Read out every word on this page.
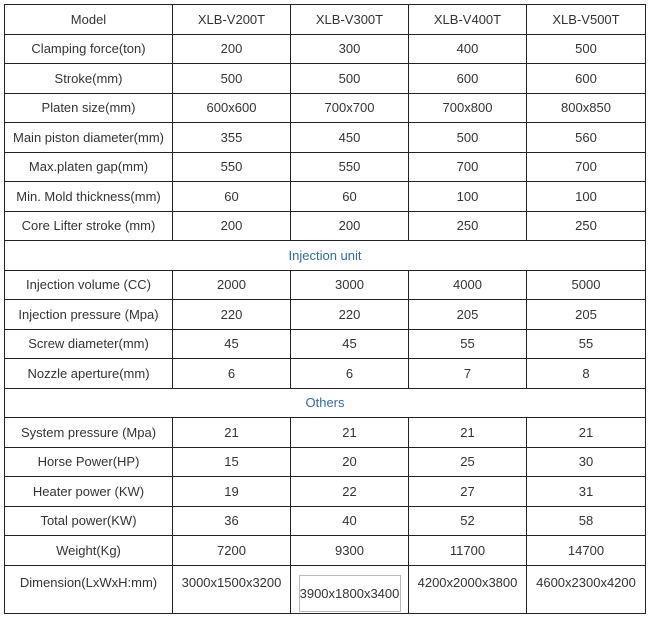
Model	XLB-V200T	XLB-V300T	XLB-V400T	XLB-V500T
Clamping force(ton)	200	300	400	500
Stroke(mm)	500	500	600	600
Platen size(mm)	600x600	700x700	700x800	800x850
Main piston diameter(mm)	355	450	500	560
Max.platen gap(mm)	550	550	700	700
Min. Mold thickness(mm)	60	60	100	100
Core Lifter stroke (mm)	200	200	250	250
Injection unit				
Injection volume (CC)	2000	3000	4000	5000
Injection pressure (Mpa)	220	220	205	205
Screw diameter(mm)	45	45	55	55
Nozzle aperture(mm)	6	6	7	8
Others				
System pressure (Mpa)	21	21	21	21
Horse Power(HP)	15	20	25	30
Heater power (KW)	19	22	27	31
Total power(KW)	36	40	52	58
Weight(Kg)	7200	9300	11700	14700
Dimension(LxWxH:mm)	3000x1500x3200	3900x1800x3400	4200x2000x3800	4600x2300x4200
